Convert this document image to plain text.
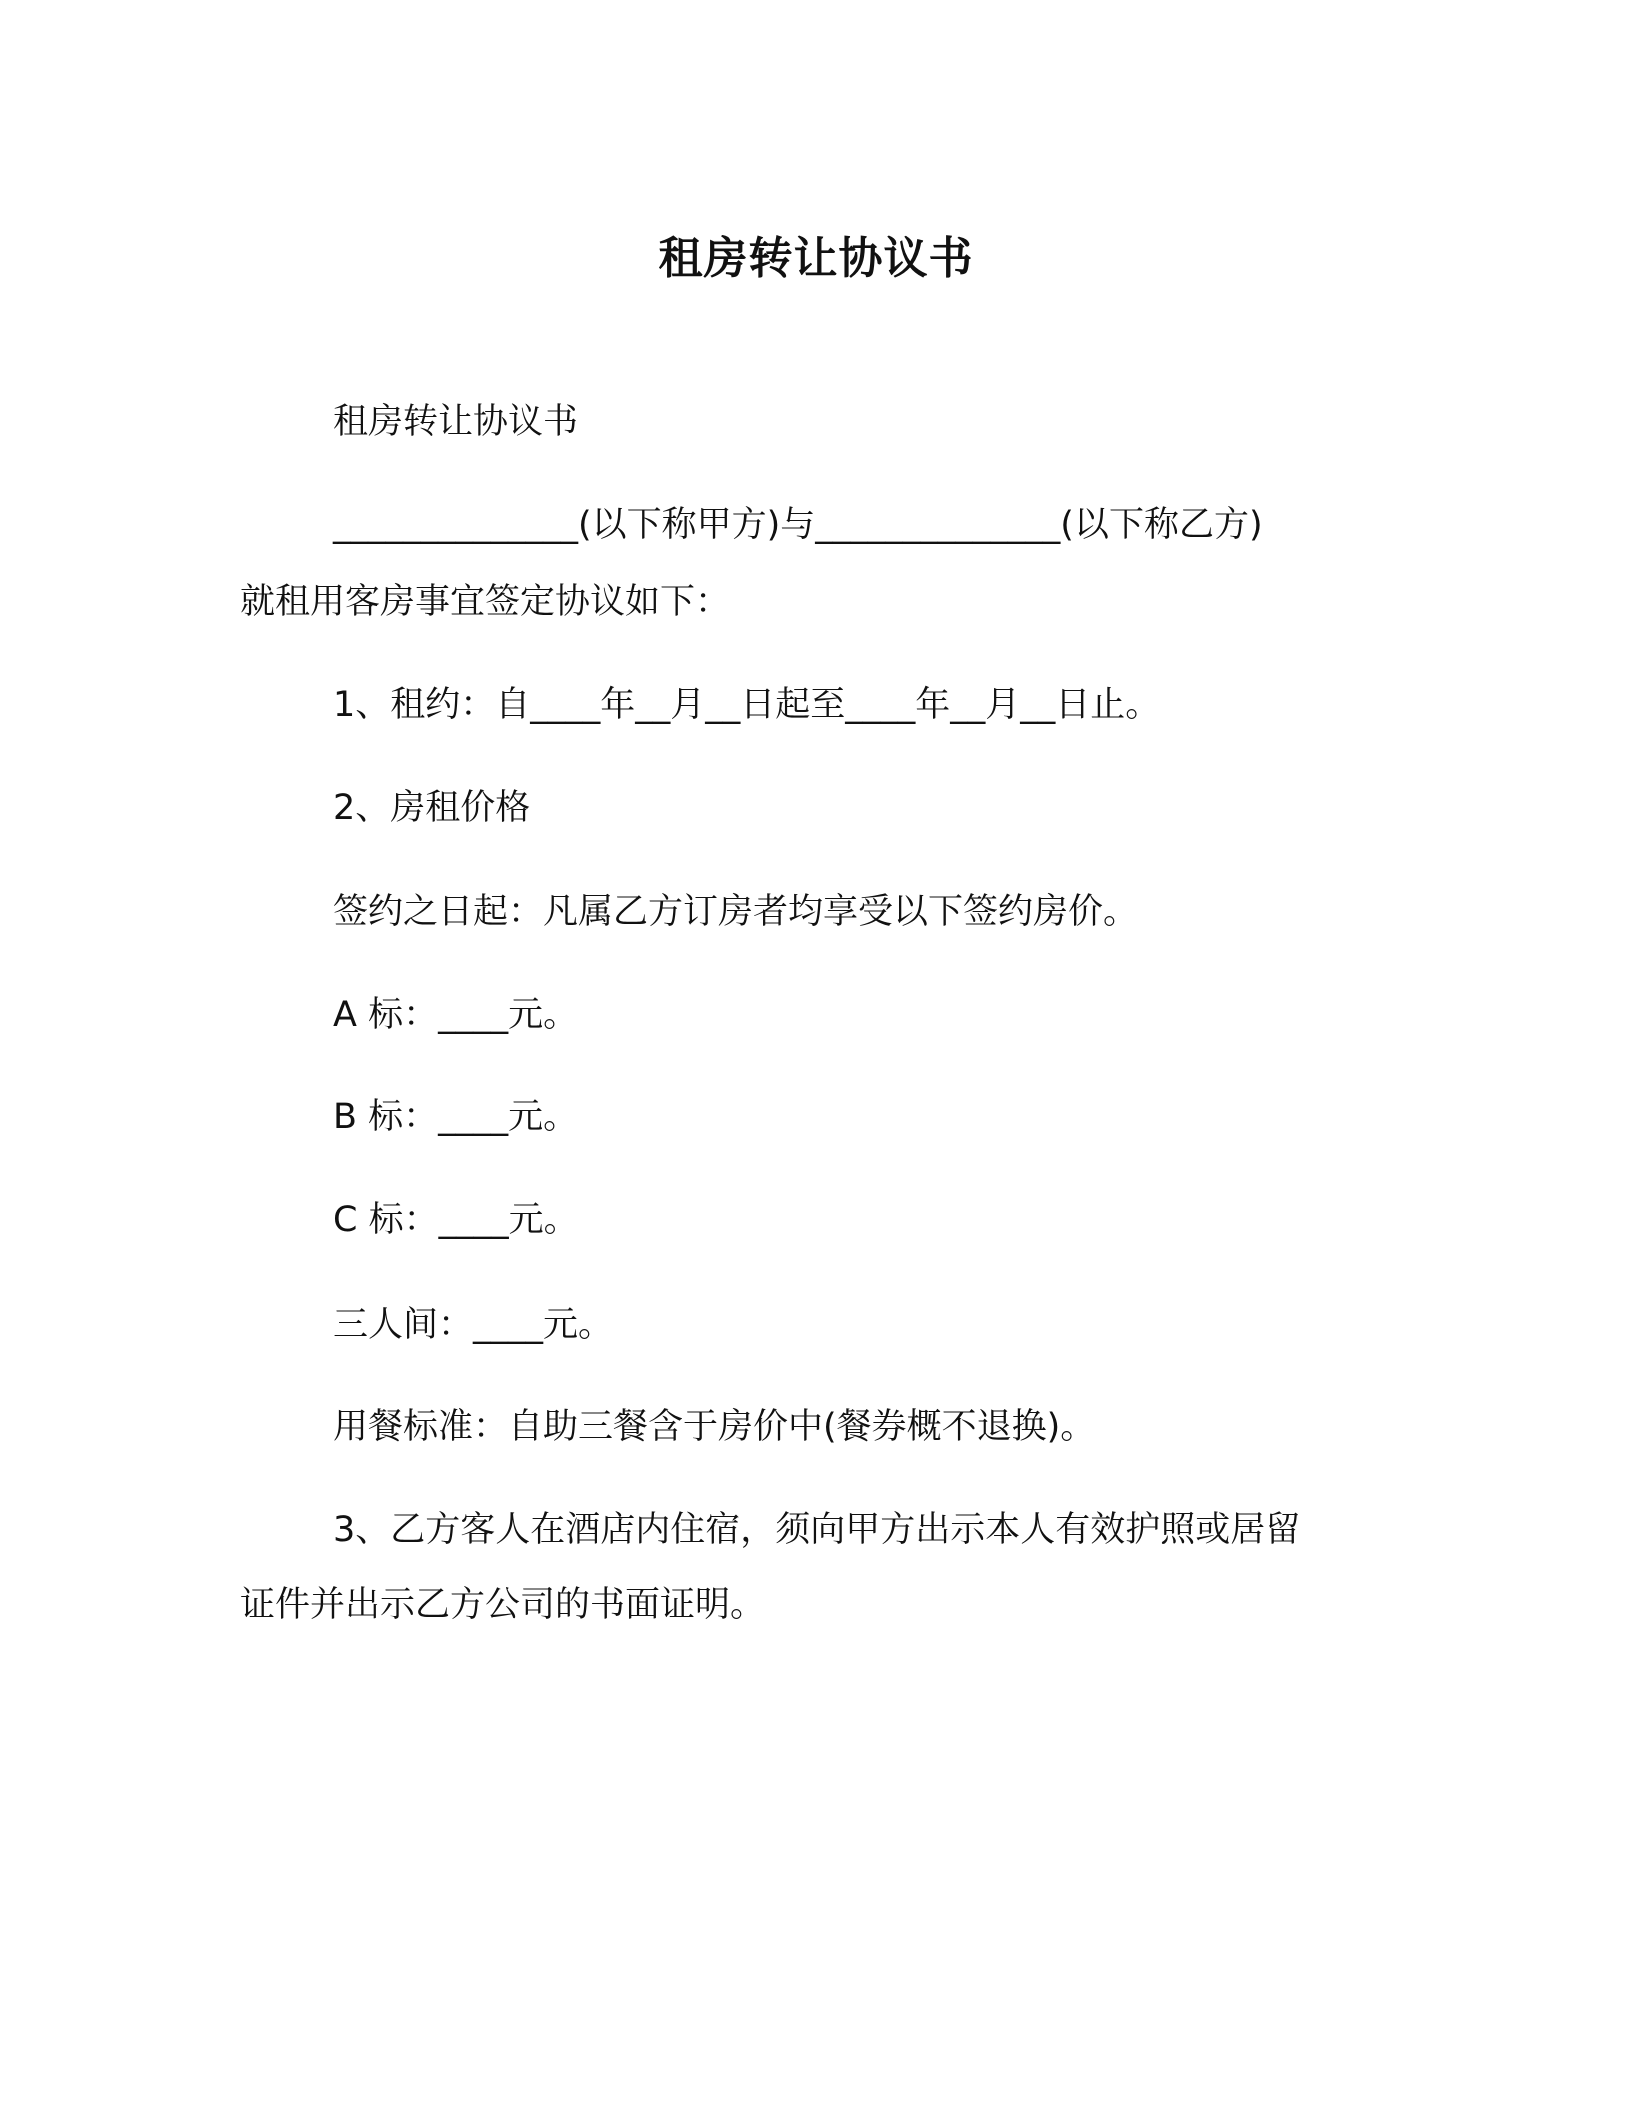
租房转让协议书
租房转让协议书
______________(以下称甲方)与______________(以下称乙方)
就租用客房事宜签定协议如下：
1、租约：自____年__月__日起至____年__月__日止。
2、房租价格
签约之日起：凡属乙方订房者均享受以下签约房价。
A 标：____元。
B 标：____元。
C 标：____元。
三人间：____元。
用餐标准：自助三餐含于房价中(餐券概不退换)。
3、乙方客人在酒店内住宿，须向甲方出示本人有效护照或居留
证件并出示乙方公司的书面证明。
